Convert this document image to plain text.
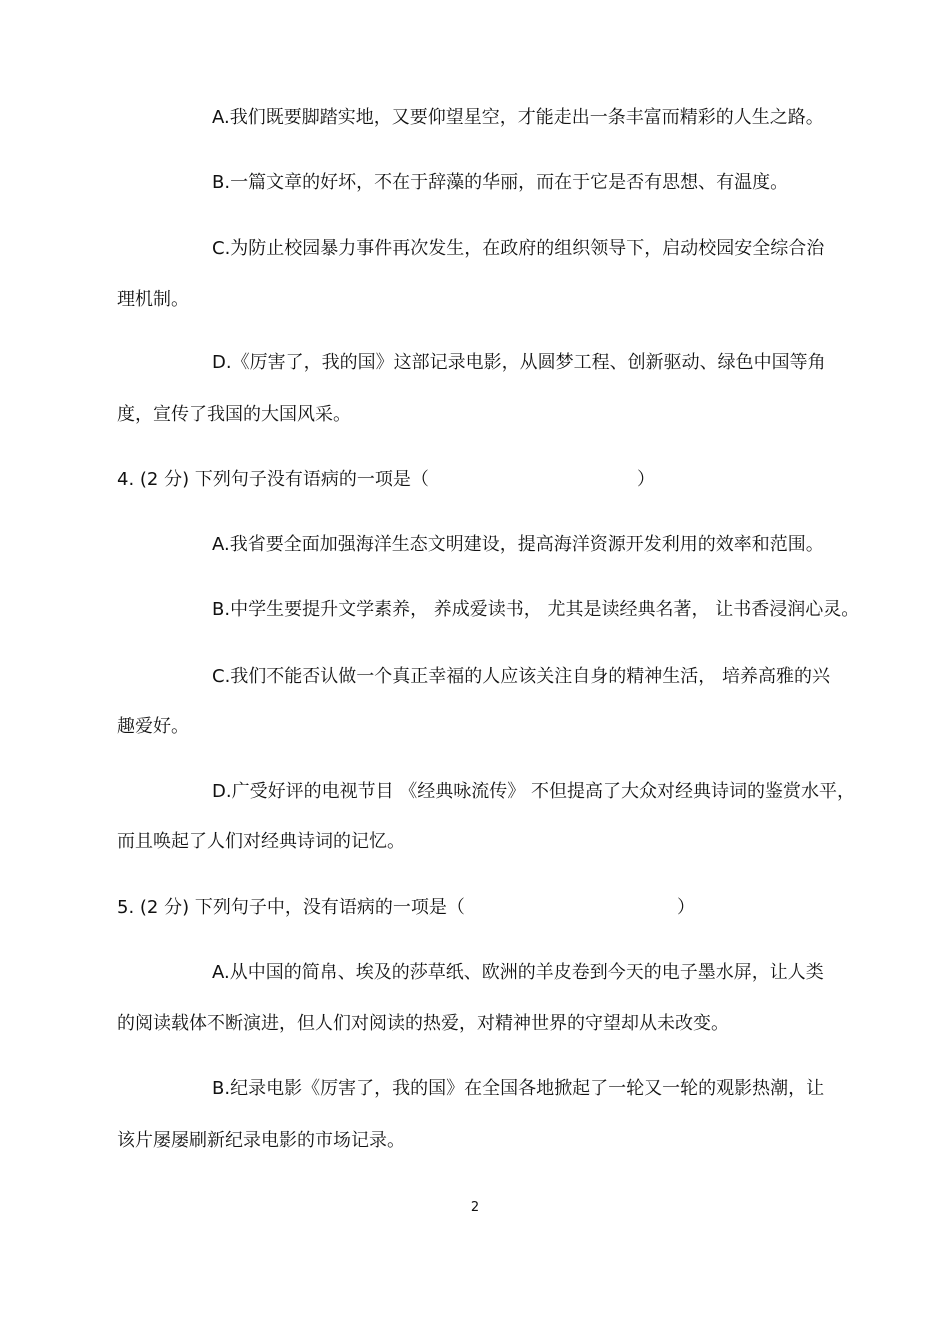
A.我们既要脚踏实地，又要仰望星空，才能走出一条丰富而精彩的人生之路。
B.一篇文章的好坏，不在于辞藻的华丽，而在于它是否有思想、有温度。
C.为防止校园暴力事件再次发生，在政府的组织领导下，启动校园安全综合治
理机制。
D.《厉害了，我的国》这部记录电影，从圆梦工程、创新驱动、绿色中国等角
度，宣传了我国的大国风采。
4. (2 分) 下列句子没有语病的一项是（	）
A.我省要全面加强海洋生态文明建设，提高海洋资源开发利用的效率和范围。
B.中学生要提升文学素养， 养成爱读书， 尤其是读经典名著， 让书香浸润心灵。
C.我们不能否认做一个真正幸福的人应该关注自身的精神生活， 培养高雅的兴
趣爱好。
D.广受好评的电视节目 《经典咏流传》 不但提高了大众对经典诗词的鉴赏水平，
而且唤起了人们对经典诗词的记忆。
5. (2 分) 下列句子中，没有语病的一项是（	）
A.从中国的简帛、埃及的莎草纸、欧洲的羊皮卷到今天的电子墨水屏，让人类
的阅读载体不断演进，但人们对阅读的热爱，对精神世界的守望却从未改变。
B.纪录电影《厉害了，我的国》在全国各地掀起了一轮又一轮的观影热潮，让
该片屡屡刷新纪录电影的市场记录。
2
